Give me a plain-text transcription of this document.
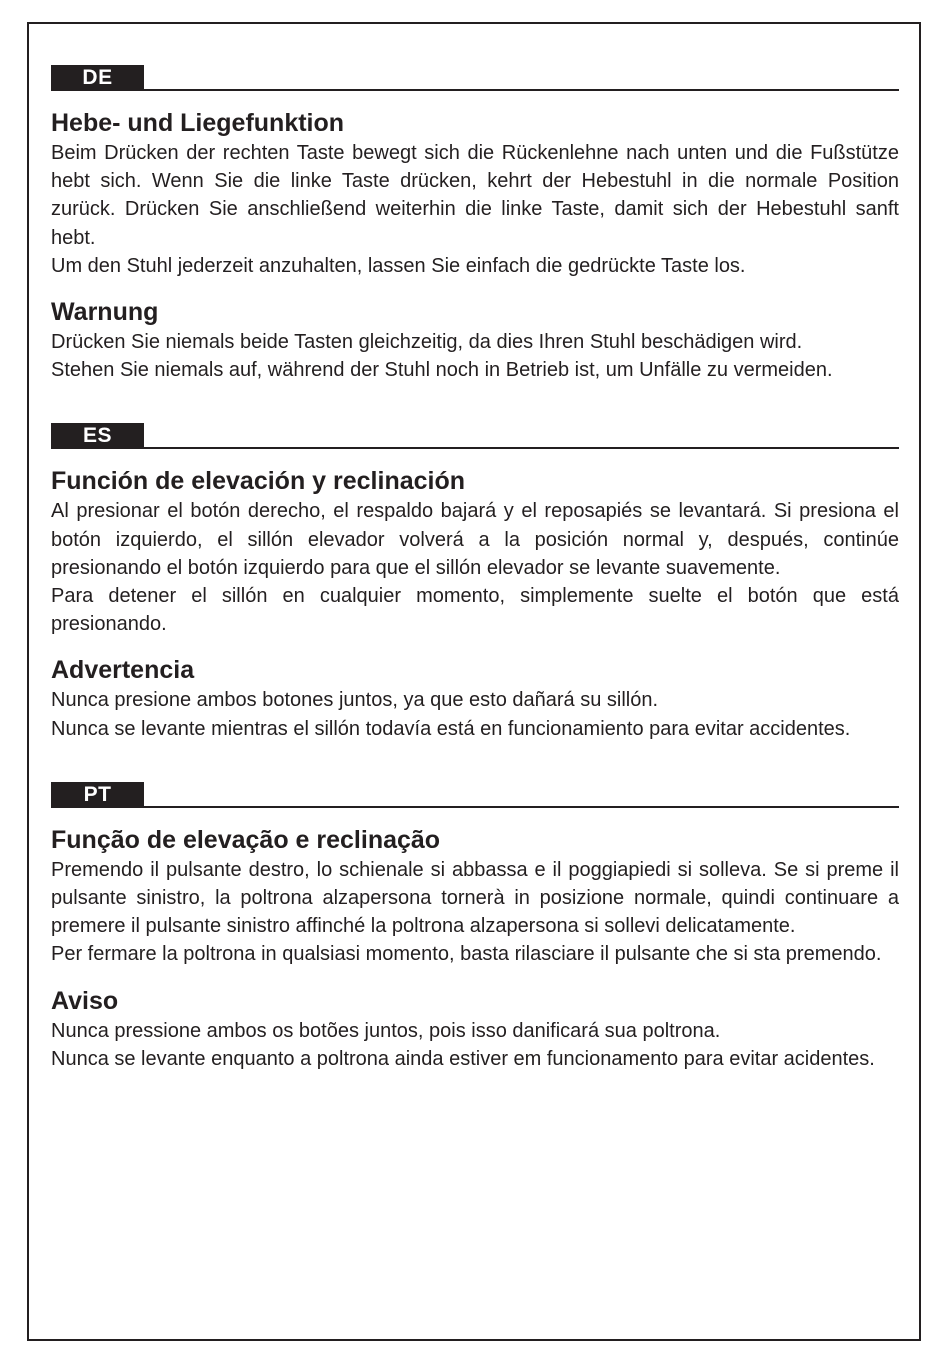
DE
Hebe- und Liegefunktion

Beim Drücken der rechten Taste bewegt sich die Rückenlehne nach unten und die Fußstütze hebt sich. Wenn Sie die linke Taste drücken, kehrt der Hebestuhl in die normale Position zurück. Drücken Sie anschließend weiterhin die linke Taste, damit sich der Hebestuhl sanft hebt.

Um den Stuhl jederzeit anzuhalten, lassen Sie einfach die gedrückte Taste los.

Warnung

Drücken Sie niemals beide Tasten gleichzeitig, da dies Ihren Stuhl beschädigen wird.

Stehen Sie niemals auf, während der Stuhl noch in Betrieb ist, um Unfälle zu vermeiden.

ES
Función de elevación y reclinación

Al presionar el botón derecho, el respaldo bajará y el reposapiés se levantará. Si presiona el botón izquierdo, el sillón elevador volverá a la posición normal y, después, continúe presionando el botón izquierdo para que el sillón elevador se levante suavemente.

Para detener el sillón en cualquier momento, simplemente suelte el botón que está presionando.

Advertencia

Nunca presione ambos botones juntos, ya que esto dañará su sillón.

Nunca se levante mientras el sillón todavía está en funcionamiento para evitar accidentes.

PT
Função de elevação e reclinação

Premendo il pulsante destro, lo schienale si abbassa e il poggiapiedi si solleva. Se si preme il pulsante sinistro, la poltrona alzapersona tornerà in posizione normale, quindi continuare a premere il pulsante sinistro affinché la poltrona alzapersona si sollevi delicatamente.

Per fermare la poltrona in qualsiasi momento, basta rilasciare il pulsante che si sta premendo.

Aviso

Nunca pressione ambos os botões juntos, pois isso danificará sua poltrona.

Nunca se levante enquanto a poltrona ainda estiver em funcionamento para evitar acidentes.
